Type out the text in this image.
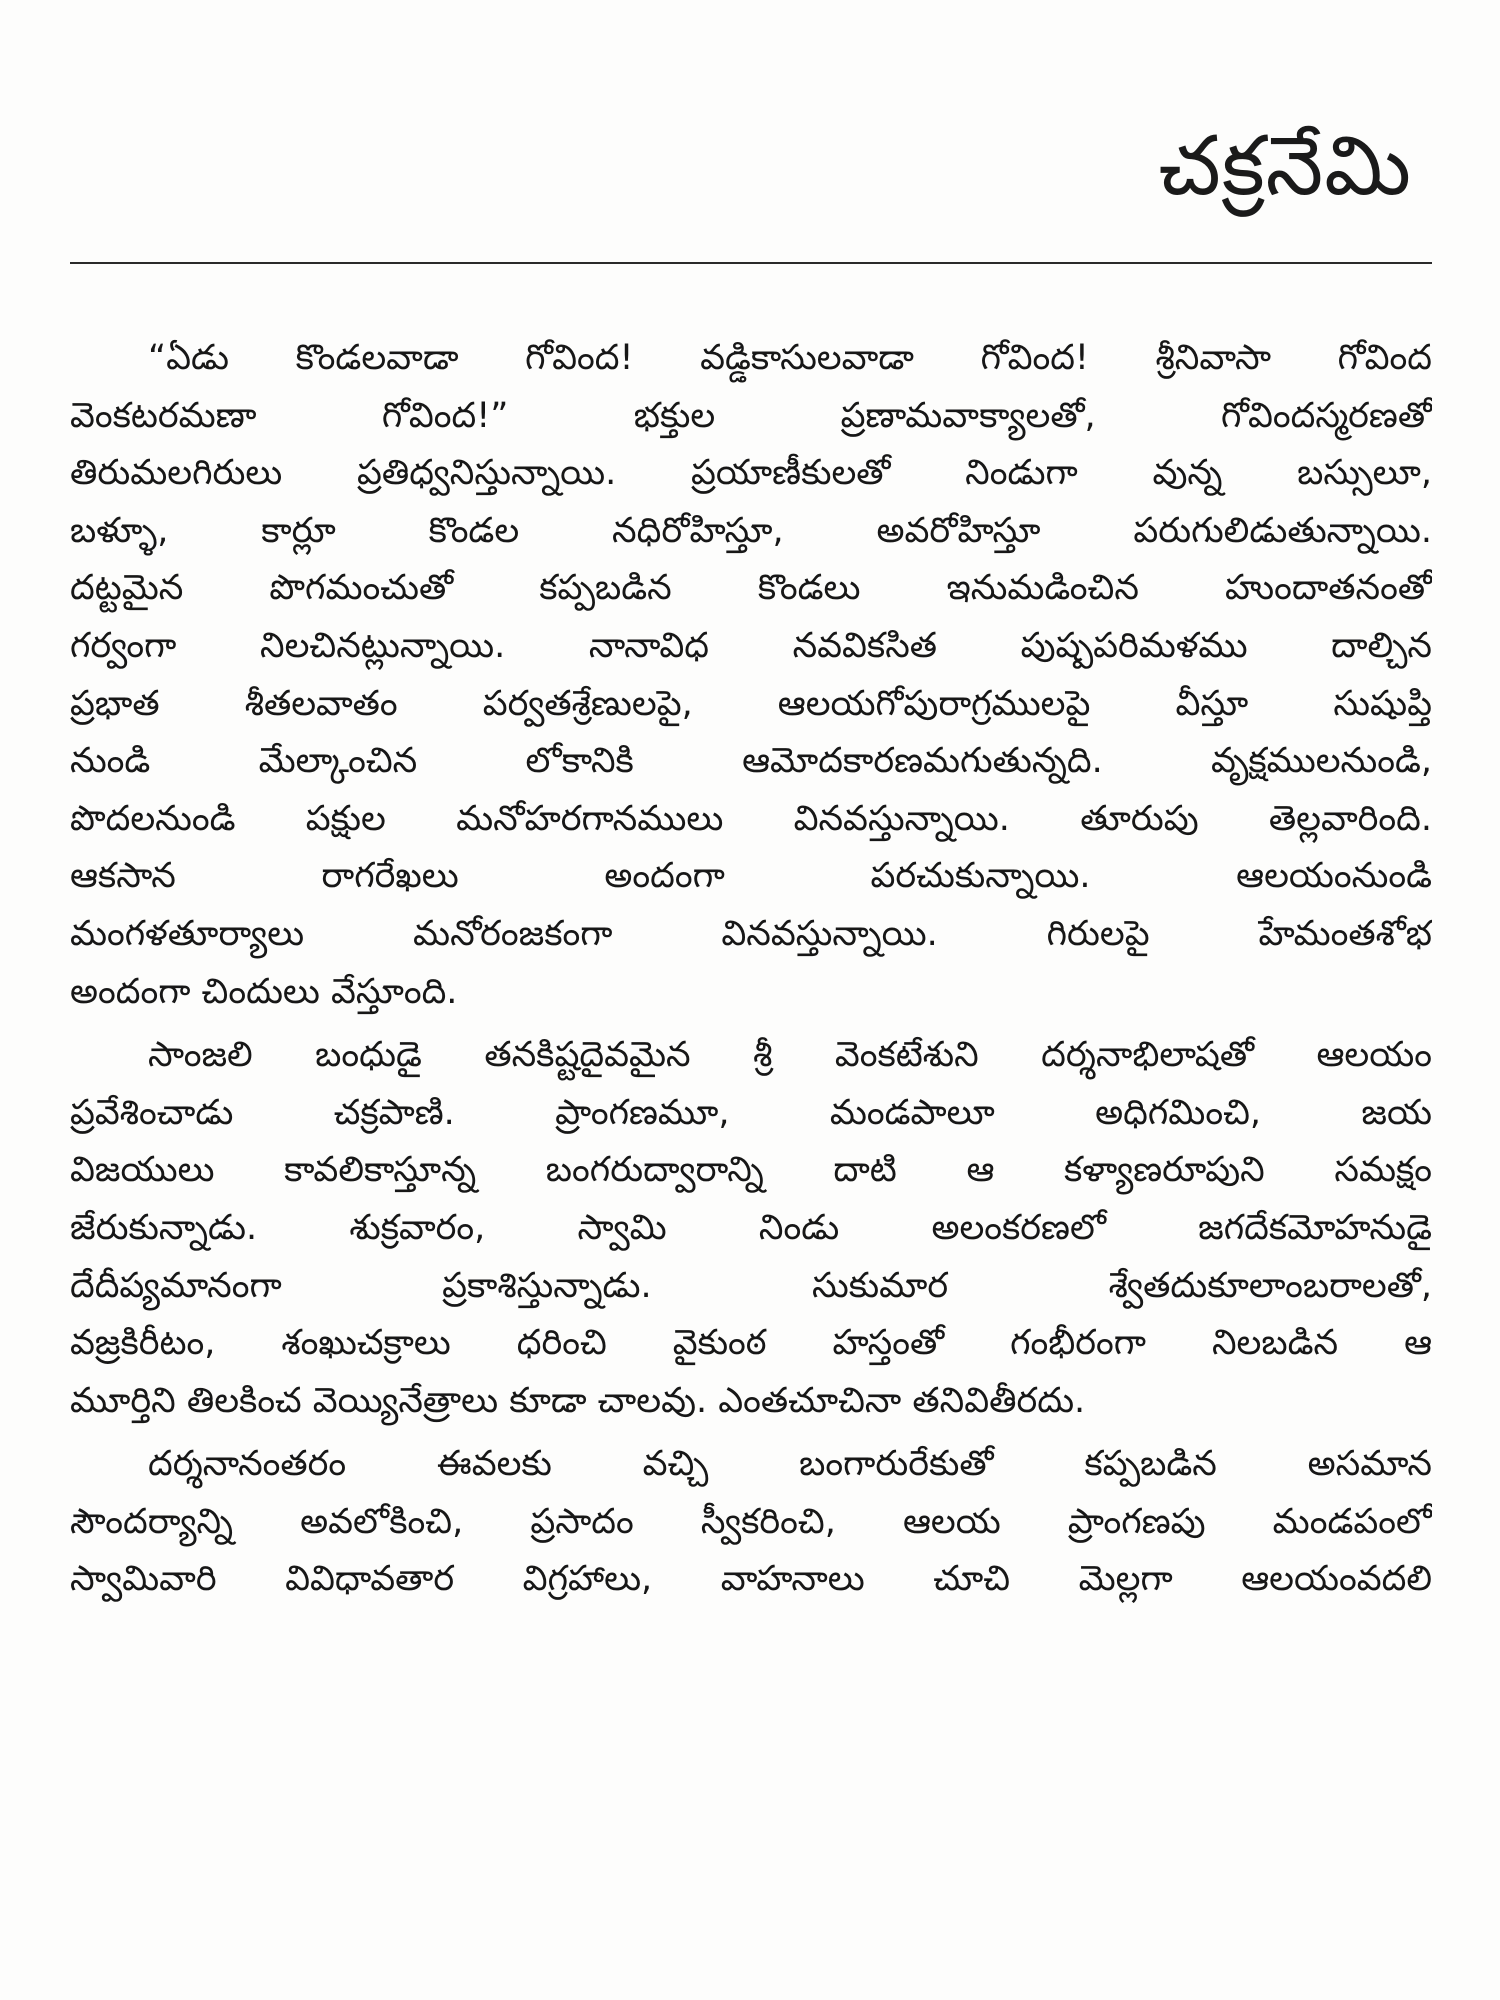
చక్రనేమి
“ఏడు కొండలవాడా గోవింద! వడ్డికాసులవాడా గోవింద! శ్రీనివాసా గోవింద
వెంకటరమణా గోవింద!” భక్తుల ప్రణామవాక్యాలతో, గోవిందస్మరణతో
తిరుమలగిరులు ప్రతిధ్వనిస్తున్నాయి. ప్రయాణీకులతో నిండుగా వున్న బస్సులూ,
బళ్ళూ, కార్లూ కొండల నధిరోహిస్తూ, అవరోహిస్తూ పరుగులిడుతున్నాయి.
దట్టమైన పొగమంచుతో కప్పబడిన కొండలు ఇనుమడించిన హుందాతనంతో
గర్వంగా నిలచినట్లున్నాయి. నానావిధ నవవికసిత పుష్పపరిమళము దాల్చిన
ప్రభాత శీతలవాతం పర్వతశ్రేణులపై, ఆలయగోపురాగ్రములపై వీస్తూ సుషుప్తి
నుండి మేల్కాంచిన లోకానికి ఆమోదకారణమగుతున్నది. వృక్షములనుండి,
పొదలనుండి పక్షుల మనోహరగానములు వినవస్తున్నాయి. తూరుపు తెల్లవారింది.
ఆకసాన రాగరేఖలు అందంగా పరచుకున్నాయి. ఆలయంనుండి
మంగళతూర్యాలు మనోరంజకంగా వినవస్తున్నాయి. గిరులపై హేమంతశోభ
అందంగా చిందులు వేస్తూంది.
సాంజలి బంధుడై తనకిష్టదైవమైన శ్రీ వెంకటేశుని దర్శనాభిలాషతో ఆలయం
ప్రవేశించాడు చక్రపాణి. ప్రాంగణమూ, మండపాలూ అధిగమించి, జయ
విజయులు కావలికాస్తూన్న బంగరుద్వారాన్ని దాటి ఆ కళ్యాణరూపుని సమక్షం
జేరుకున్నాడు. శుక్రవారం, స్వామి నిండు అలంకరణలో జగదేకమోహనుడై
దేదీప్యమానంగా ప్రకాశిస్తున్నాడు. సుకుమార శ్వేతదుకూలాంబరాలతో,
వజ్రకిరీటం, శంఖుచక్రాలు ధరించి వైకుంఠ హస్తంతో గంభీరంగా నిలబడిన ఆ
మూర్తిని తిలకించ వెయ్యినేత్రాలు కూడా చాలవు. ఎంతచూచినా తనివితీరదు.
దర్శనానంతరం ఈవలకు వచ్చి బంగారురేకుతో కప్పబడిన అసమాన
సౌందర్యాన్ని అవలోకించి, ప్రసాదం స్వీకరించి, ఆలయ ప్రాంగణపు మండపంలో
స్వామివారి వివిధావతార విగ్రహాలు, వాహనాలు చూచి మెల్లగా ఆలయంవదలి
